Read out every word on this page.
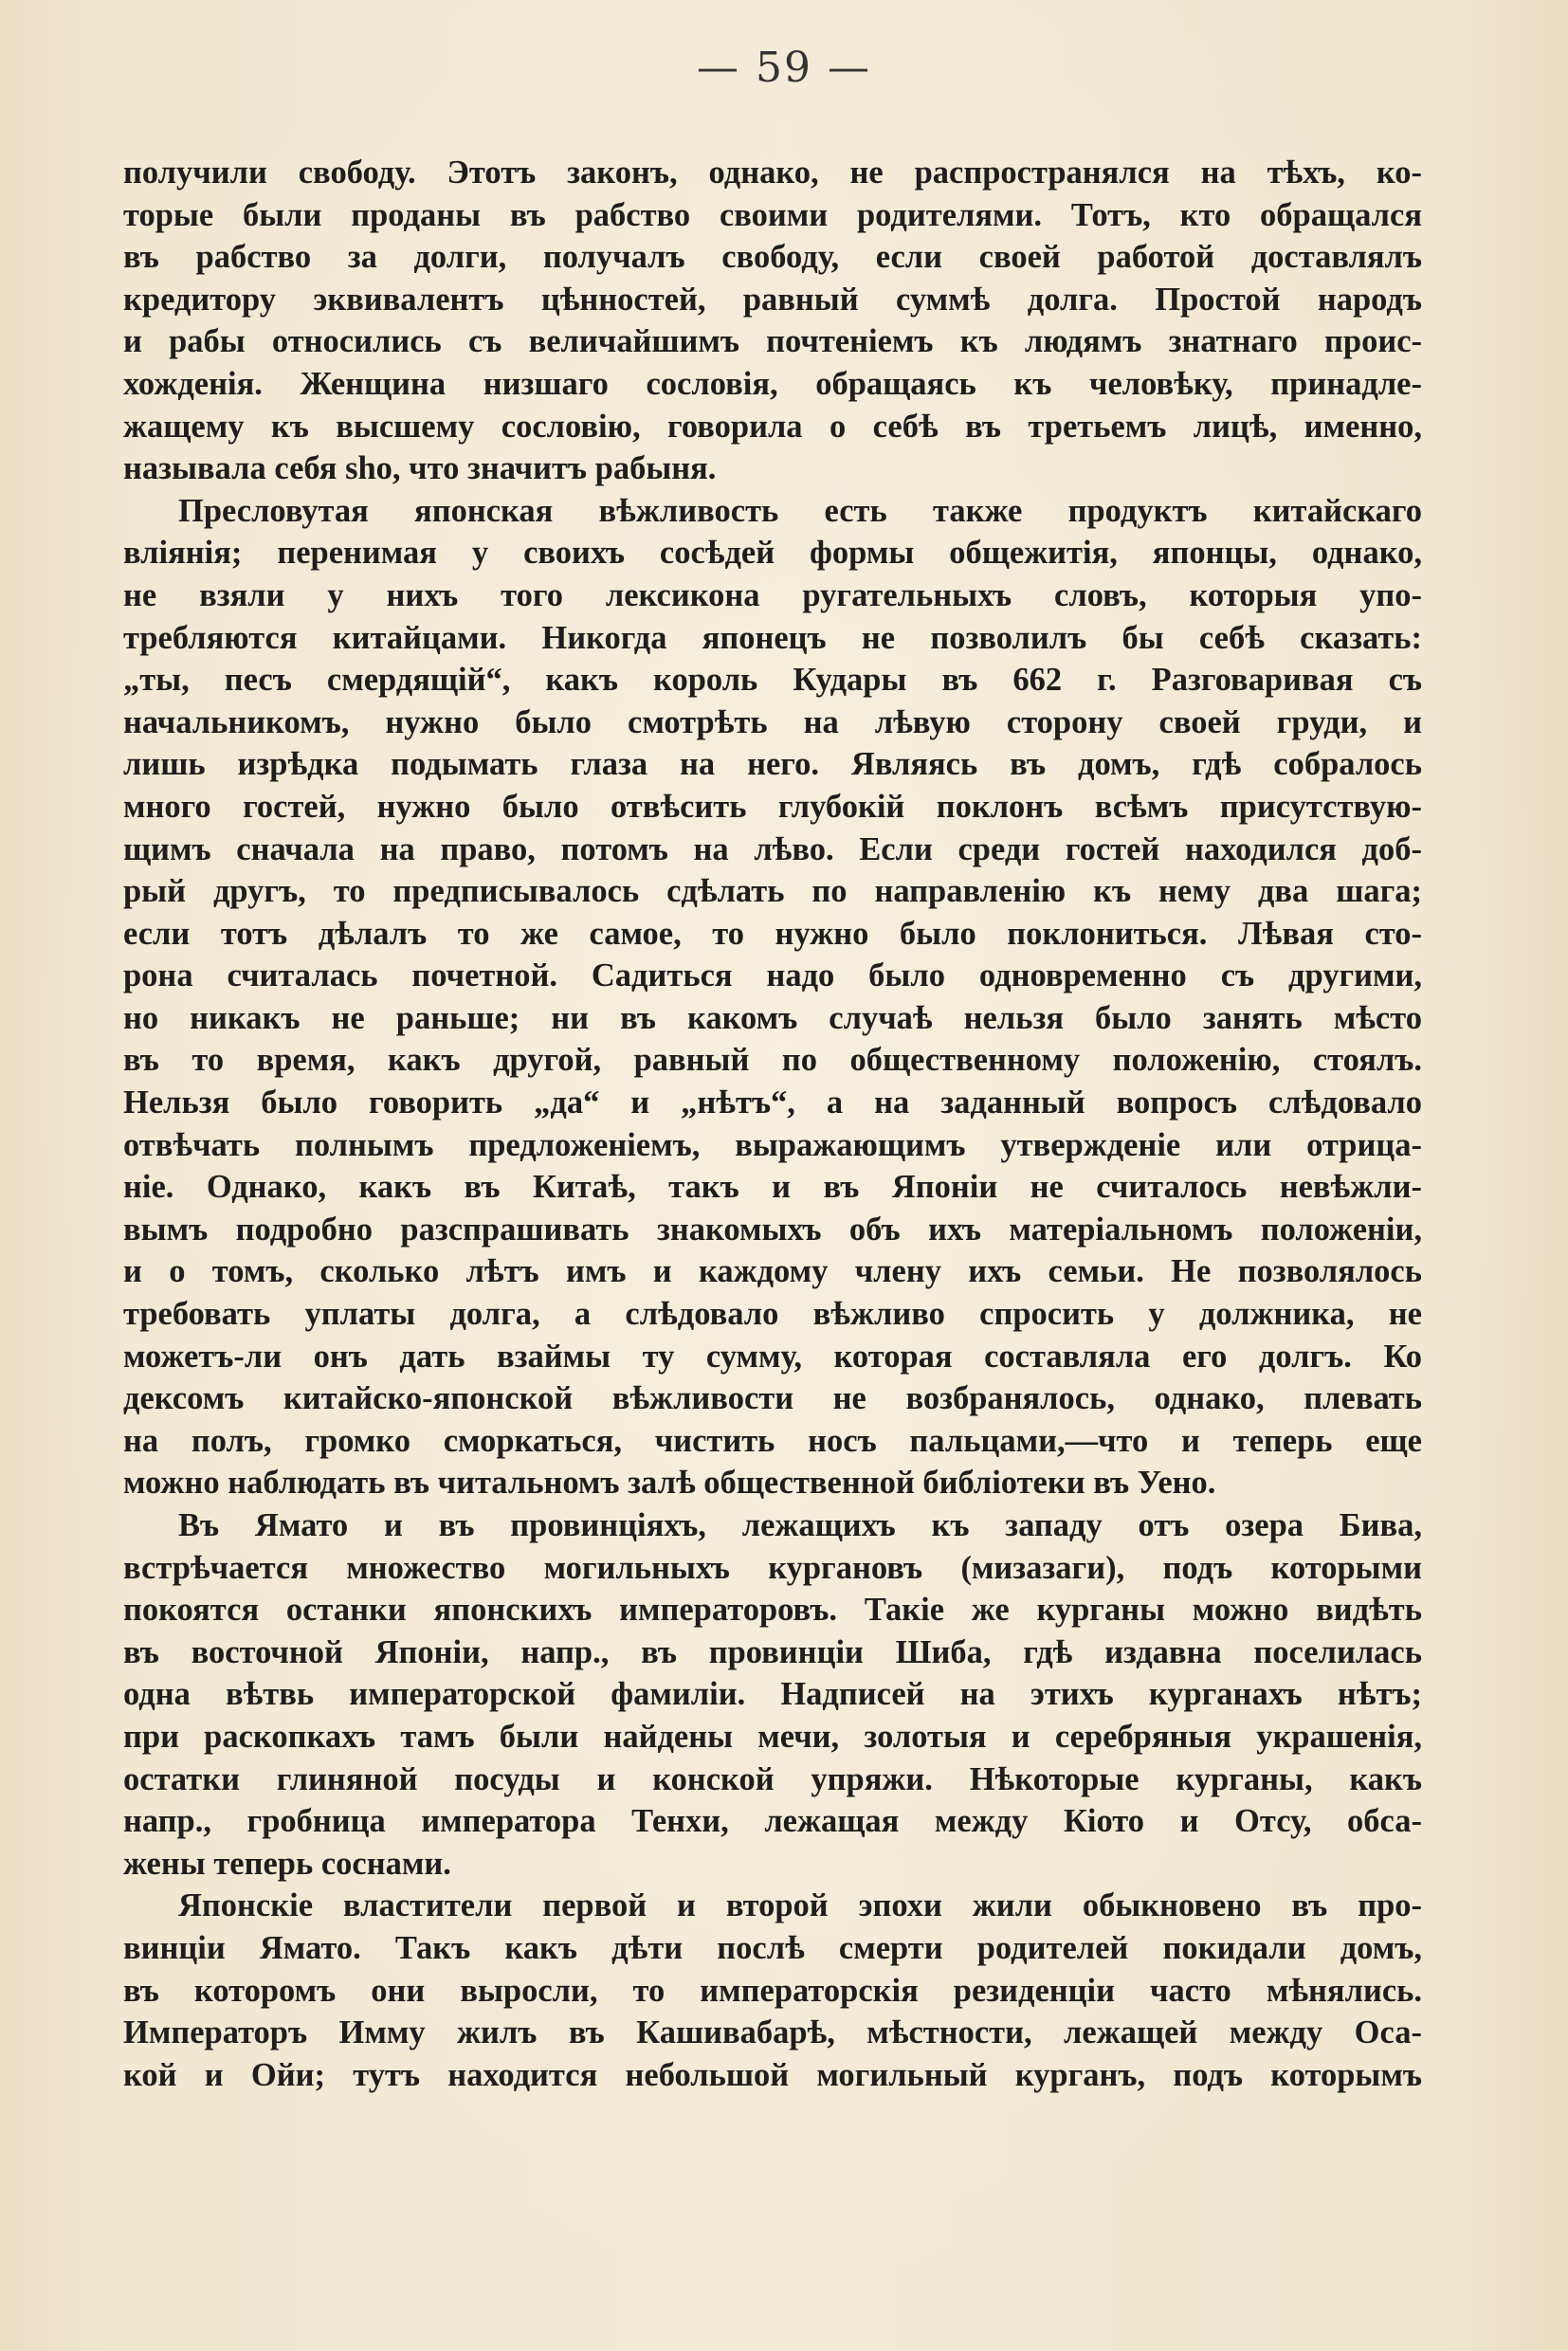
— 59 —
получили свободу. Этотъ законъ, однако, не распространялся на тѣхъ, ко-
торые были проданы въ рабство своими родителями. Тотъ, кто обращался
въ рабство за долги, получалъ свободу, если своей работой доставлялъ
кредитору эквивалентъ цѣнностей, равный суммѣ долга. Простой народъ
и рабы относились съ величайшимъ почтенiемъ къ людямъ знатнаго проис-
хожденiя. Женщина низшаго сословiя, обращаясь къ человѣку, принадле-
жащему къ высшему сословiю, говорила о себѣ въ третьемъ лицѣ, именно,
называла себя sho, что значитъ рабыня.
Пресловутая японская вѣжливость есть также продуктъ китайскаго
влiянiя; перенимая у своихъ сосѣдей формы общежитiя, японцы, однако,
не взяли у нихъ того лексикона ругательныхъ словъ, которыя упо-
требляются китайцами. Никогда японецъ не позволилъ бы себѣ сказать:
„ты, песъ смердящiй“, какъ король Кудары въ 662 г. Разговаривая съ
начальникомъ, нужно было смотрѣть на лѣвую сторону своей груди, и
лишь изрѣдка подымать глаза на него. Являясь въ домъ, гдѣ собралось
много гостей, нужно было отвѣсить глубокiй поклонъ всѣмъ присутствую-
щимъ сначала на право, потомъ на лѣво. Если среди гостей находился доб-
рый другъ, то предписывалось сдѣлать по направленiю къ нему два шага;
если тотъ дѣлалъ то же самое, то нужно было поклониться. Лѣвая сто-
рона считалась почетной. Садиться надо было одновременно съ другими,
но никакъ не раньше; ни въ какомъ случаѣ нельзя было занять мѣсто
въ то время, какъ другой, равный по общественному положенiю, стоялъ.
Нельзя было говорить „да“ и „нѣтъ“, а на заданный вопросъ слѣдовало
отвѣчать полнымъ предложенiемъ, выражающимъ утвержденiе или отрица-
нiе. Однако, какъ въ Китаѣ, такъ и въ Японiи не считалось невѣжли-
вымъ подробно разспрашивать знакомыхъ объ ихъ матерiальномъ положенiи,
и о томъ, сколько лѣтъ имъ и каждому члену ихъ семьи. Не позволялось
требовать уплаты долга, а слѣдовало вѣжливо спросить у должника, не
можетъ-ли онъ дать взаймы ту сумму, которая составляла его долгъ. Ко
дексомъ китайско-японской вѣжливости не возбранялось, однако, плевать
на полъ, громко сморкаться, чистить носъ пальцами,—что и теперь еще
можно наблюдать въ читальномъ залѣ общественной библiотеки въ Уено.
Въ Ямато и въ провинцiяхъ, лежащихъ къ западу отъ озера Бива,
встрѣчается множество могильныхъ кургановъ (мизазаги), подъ которыми
покоятся останки японскихъ императоровъ. Такiе же курганы можно видѣть
въ восточной Японiи, напр., въ провинцiи Шиба, гдѣ издавна поселилась
одна вѣтвь императорской фамилiи. Надписей на этихъ курганахъ нѣтъ;
при раскопкахъ тамъ были найдены мечи, золотыя и серебряныя украшенiя,
остатки глиняной посуды и конской упряжи. Нѣкоторые курганы, какъ
напр., гробница императора Тенхи, лежащая между Кiото и Отсу, обса-
жены теперь соснами.
Японскiе властители первой и второй эпохи жили обыкновено въ про-
винцiи Ямато. Такъ какъ дѣти послѣ смерти родителей покидали домъ,
въ которомъ они выросли, то императорскiя резиденцiи часто мѣнялись.
Императоръ Имму жилъ въ Кашивабарѣ, мѣстности, лежащей между Оса-
кой и Ойи; тутъ находится небольшой могильный курганъ, подъ которымъ
